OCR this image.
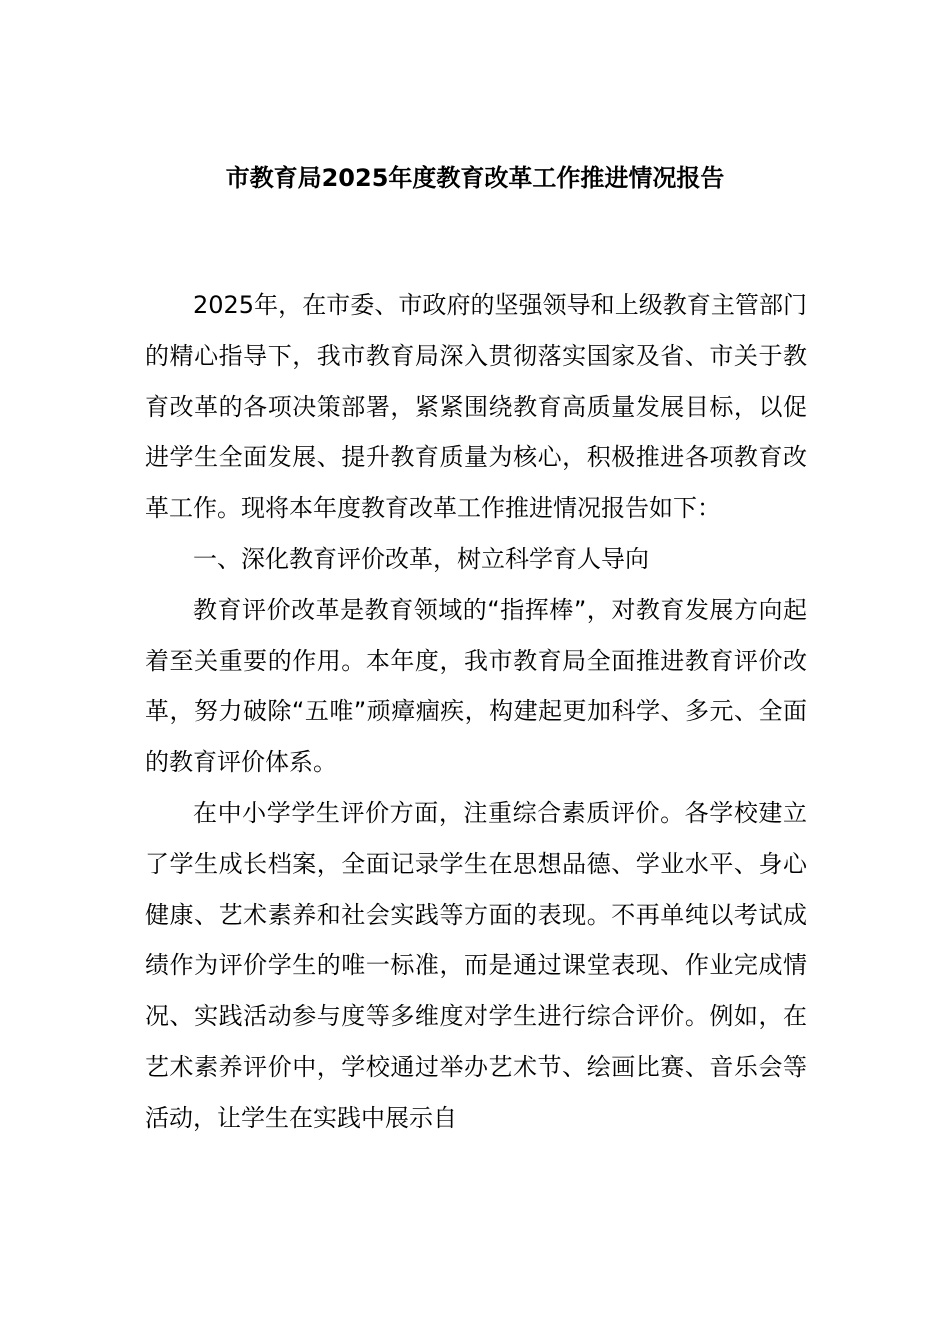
市教育局2025年度教育改革工作推进情况报告

2025年，在市委、市政府的坚强领导和上级教育主管部门的精心指导下，我市教育局深入贯彻落实国家及省、市关于教育改革的各项决策部署，紧紧围绕教育高质量发展目标，以促进学生全面发展、提升教育质量为核心，积极推进各项教育改革工作。现将本年度教育改革工作推进情况报告如下：

一、深化教育评价改革，树立科学育人导向

教育评价改革是教育领域的“指挥棒”，对教育发展方向起着至关重要的作用。本年度，我市教育局全面推进教育评价改革，努力破除“五唯”顽瘴痼疾，构建起更加科学、多元、全面的教育评价体系。

在中小学学生评价方面，注重综合素质评价。各学校建立了学生成长档案，全面记录学生在思想品德、学业水平、身心健康、艺术素养和社会实践等方面的表现。不再单纯以考试成绩作为评价学生的唯一标准，而是通过课堂表现、作业完成情况、实践活动参与度等多维度对学生进行综合评价。例如，在艺术素养评价中，学校通过举办艺术节、绘画比赛、音乐会等活动，让学生在实践中展示自
